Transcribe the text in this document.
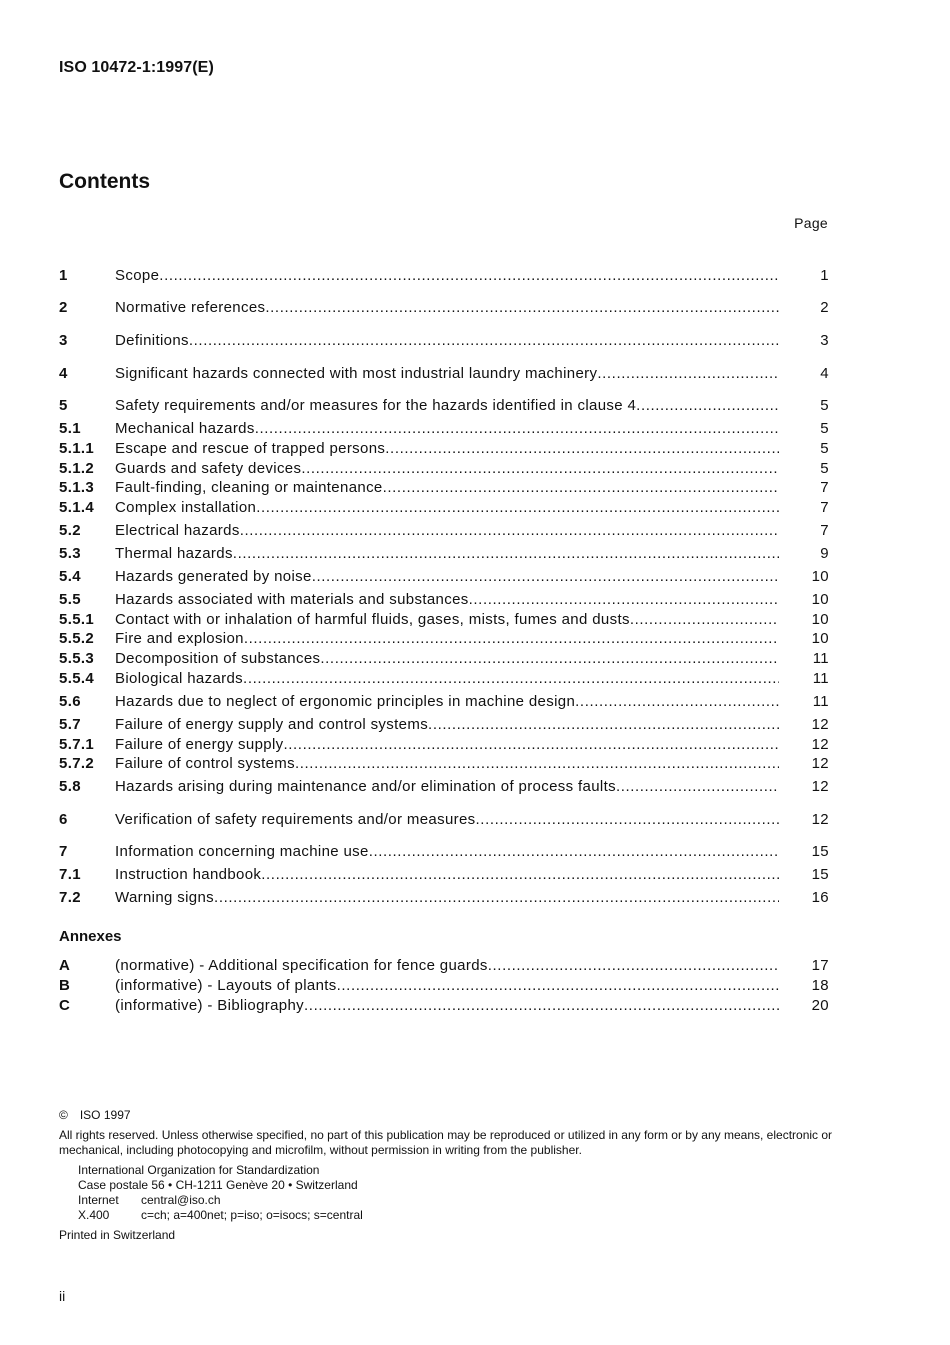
ISO 10472-1:1997(E)
Contents
Page
1	Scope .....	1
2	Normative references .....	2
3	Definitions .....	3
4	Significant hazards connected with most industrial laundry machinery .....	4
5	Safety requirements and/or measures for the hazards identified in clause 4 .....	5
5.1 Mechanical hazards .....	5
5.1.1 Escape and rescue of trapped persons .....	5
5.1.2 Guards and safety devices .....	5
5.1.3 Fault-finding, cleaning or maintenance .....	7
5.1.4 Complex installation .....	7
5.2 Electrical hazards .....	7
5.3 Thermal hazards .....	9
5.4 Hazards generated by noise .....	10
5.5 Hazards associated with materials and substances .....	10
5.5.1 Contact with or inhalation of harmful fluids, gases, mists, fumes and dusts .....	10
5.5.2 Fire and explosion .....	10
5.5.3 Decomposition of substances .....	11
5.5.4 Biological hazards .....	11
5.6 Hazards due to neglect of ergonomic principles in machine design .....	11
5.7 Failure of energy supply and control systems .....	12
5.7.1 Failure of energy supply .....	12
5.7.2 Failure of control systems .....	12
5.8 Hazards arising during maintenance and/or elimination of process faults .....	12
6	Verification of safety requirements and/or measures .....	12
7	Information concerning machine use .....	15
7.1 Instruction handbook .....	15
7.2 Warning signs .....	16
Annexes
A	(normative) - Additional specification for fence guards .....	17
B	(informative) - Layouts of plants .....	18
C	(informative) - Bibliography .....	20
© ISO 1997
All rights reserved. Unless otherwise specified, no part of this publication may be reproduced or utilized in any form or by any means, electronic or mechanical, including photocopying and microfilm, without permission in writing from the publisher.
International Organization for Standardization
Case postale 56 • CH-1211 Genève 20 • Switzerland
Internet central@iso.ch
X.400	c=ch; a=400net; p=iso; o=isocs; s=central
Printed in Switzerland
ii
